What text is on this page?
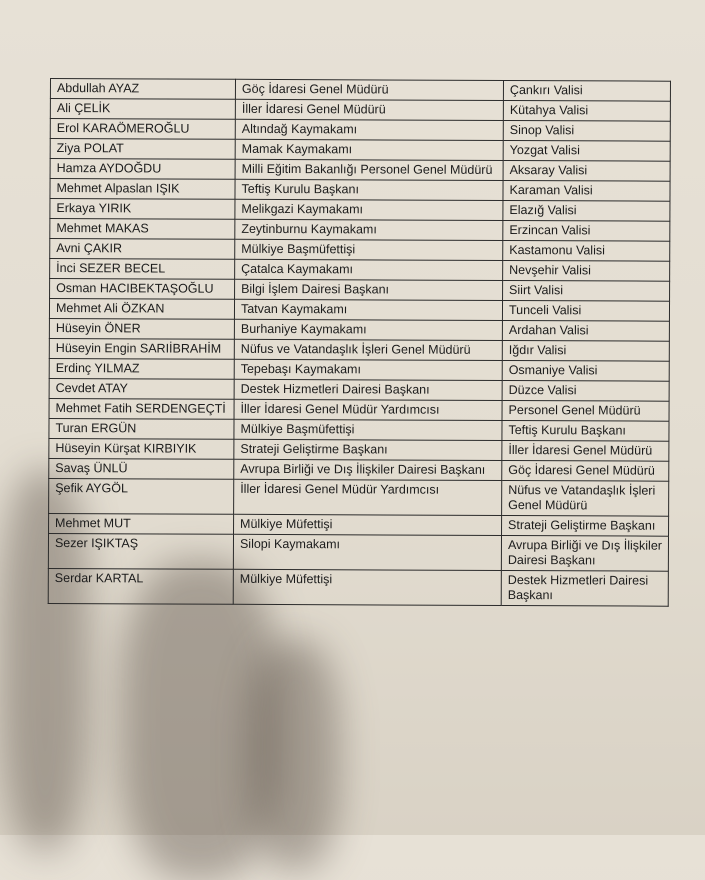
Abdullah AYAZ	Göç İdaresi Genel Müdürü	Çankırı Valisi
Ali ÇELİK	İller İdaresi Genel Müdürü	Kütahya Valisi
Erol KARAÖMEROĞLU	Altındağ Kaymakamı	Sinop Valisi
Ziya POLAT	Mamak Kaymakamı	Yozgat Valisi
Hamza AYDOĞDU	Milli Eğitim Bakanlığı Personel Genel Müdürü	Aksaray Valisi
Mehmet Alpaslan IŞIK	Teftiş Kurulu Başkanı	Karaman Valisi
Erkaya YIRIK	Melikgazi Kaymakamı	Elazığ Valisi
Mehmet MAKAS	Zeytinburnu Kaymakamı	Erzincan Valisi
Avni ÇAKIR	Mülkiye Başmüfettişi	Kastamonu Valisi
İnci SEZER BECEL	Çatalca Kaymakamı	Nevşehir Valisi
Osman HACIBEKTAŞOĞLU	Bilgi İşlem Dairesi Başkanı	Siirt Valisi
Mehmet Ali ÖZKAN	Tatvan Kaymakamı	Tunceli Valisi
Hüseyin ÖNER	Burhaniye Kaymakamı	Ardahan Valisi
Hüseyin Engin SARIİBRAHİM	Nüfus ve Vatandaşlık İşleri Genel Müdürü	Iğdır Valisi
Erdinç YILMAZ	Tepebaşı Kaymakamı	Osmaniye Valisi
Cevdet ATAY	Destek Hizmetleri Dairesi Başkanı	Düzce Valisi
Mehmet Fatih SERDENGEÇTİ	İller İdaresi Genel Müdür Yardımcısı	Personel Genel Müdürü
Turan ERGÜN	Mülkiye Başmüfettişi	Teftiş Kurulu Başkanı
Hüseyin Kürşat KIRBIYIK	Strateji Geliştirme Başkanı	İller İdaresi Genel Müdürü
Savaş ÜNLÜ	Avrupa Birliği ve Dış İlişkiler Dairesi Başkanı	Göç İdaresi Genel Müdürü
Şefik AYGÖL	İller İdaresi Genel Müdür Yardımcısı	Nüfus ve Vatandaşlık İşleri Genel Müdürü
Mehmet MUT	Mülkiye Müfettişi	Strateji Geliştirme Başkanı
Sezer IŞIKTAŞ	Silopi Kaymakamı	Avrupa Birliği ve Dış İlişkiler Dairesi Başkanı
Serdar KARTAL	Mülkiye Müfettişi	Destek Hizmetleri Dairesi Başkanı
